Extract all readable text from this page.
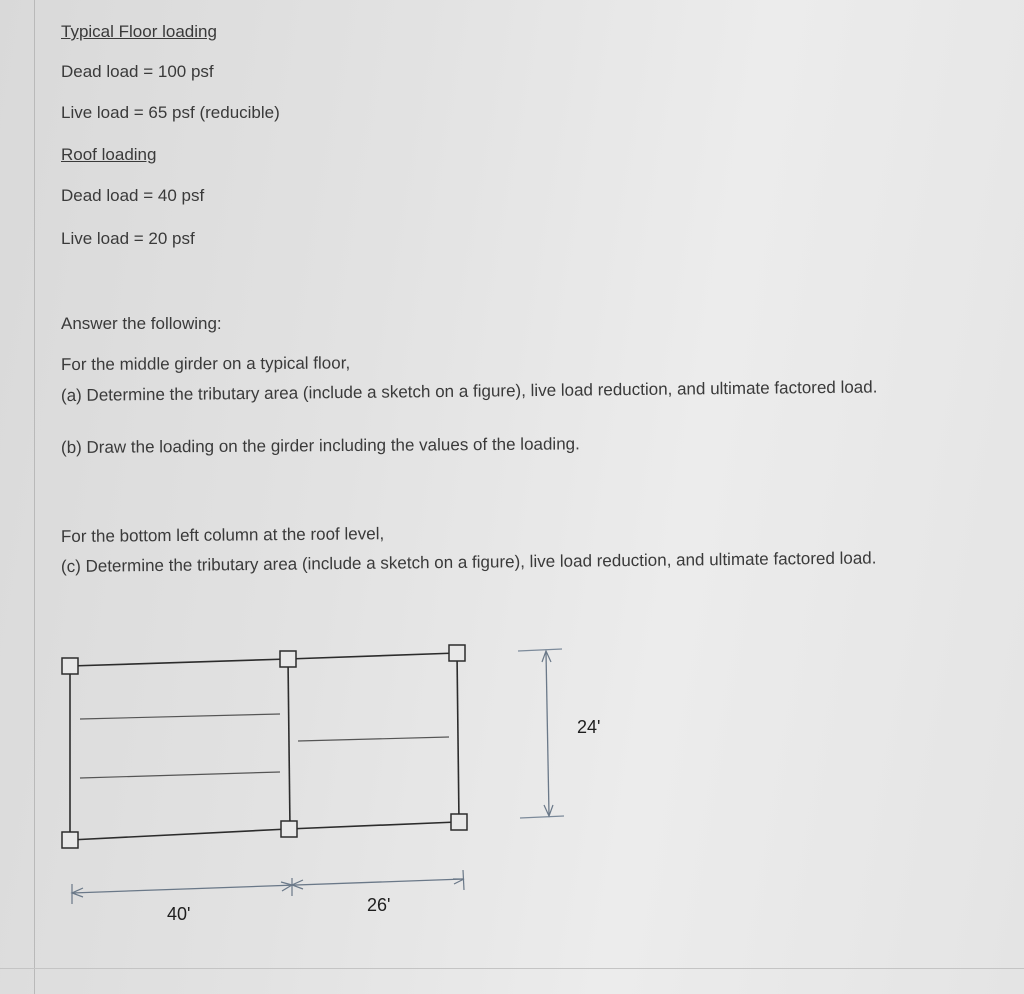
Typical Floor loading
Dead load = 100 psf
Live load = 65 psf (reducible)
Roof loading
Dead load = 40 psf
Live load = 20 psf
Answer the following:
For the middle girder on a typical floor,
(a) Determine the tributary area (include a sketch on a figure), live load reduction, and ultimate factored load.
(b) Draw the loading on the girder including the values of the loading.
For the bottom left column at the roof level,
(c) Determine the tributary area (include a sketch on a figure), live load reduction, and ultimate factored load.
24'
40'	26'
